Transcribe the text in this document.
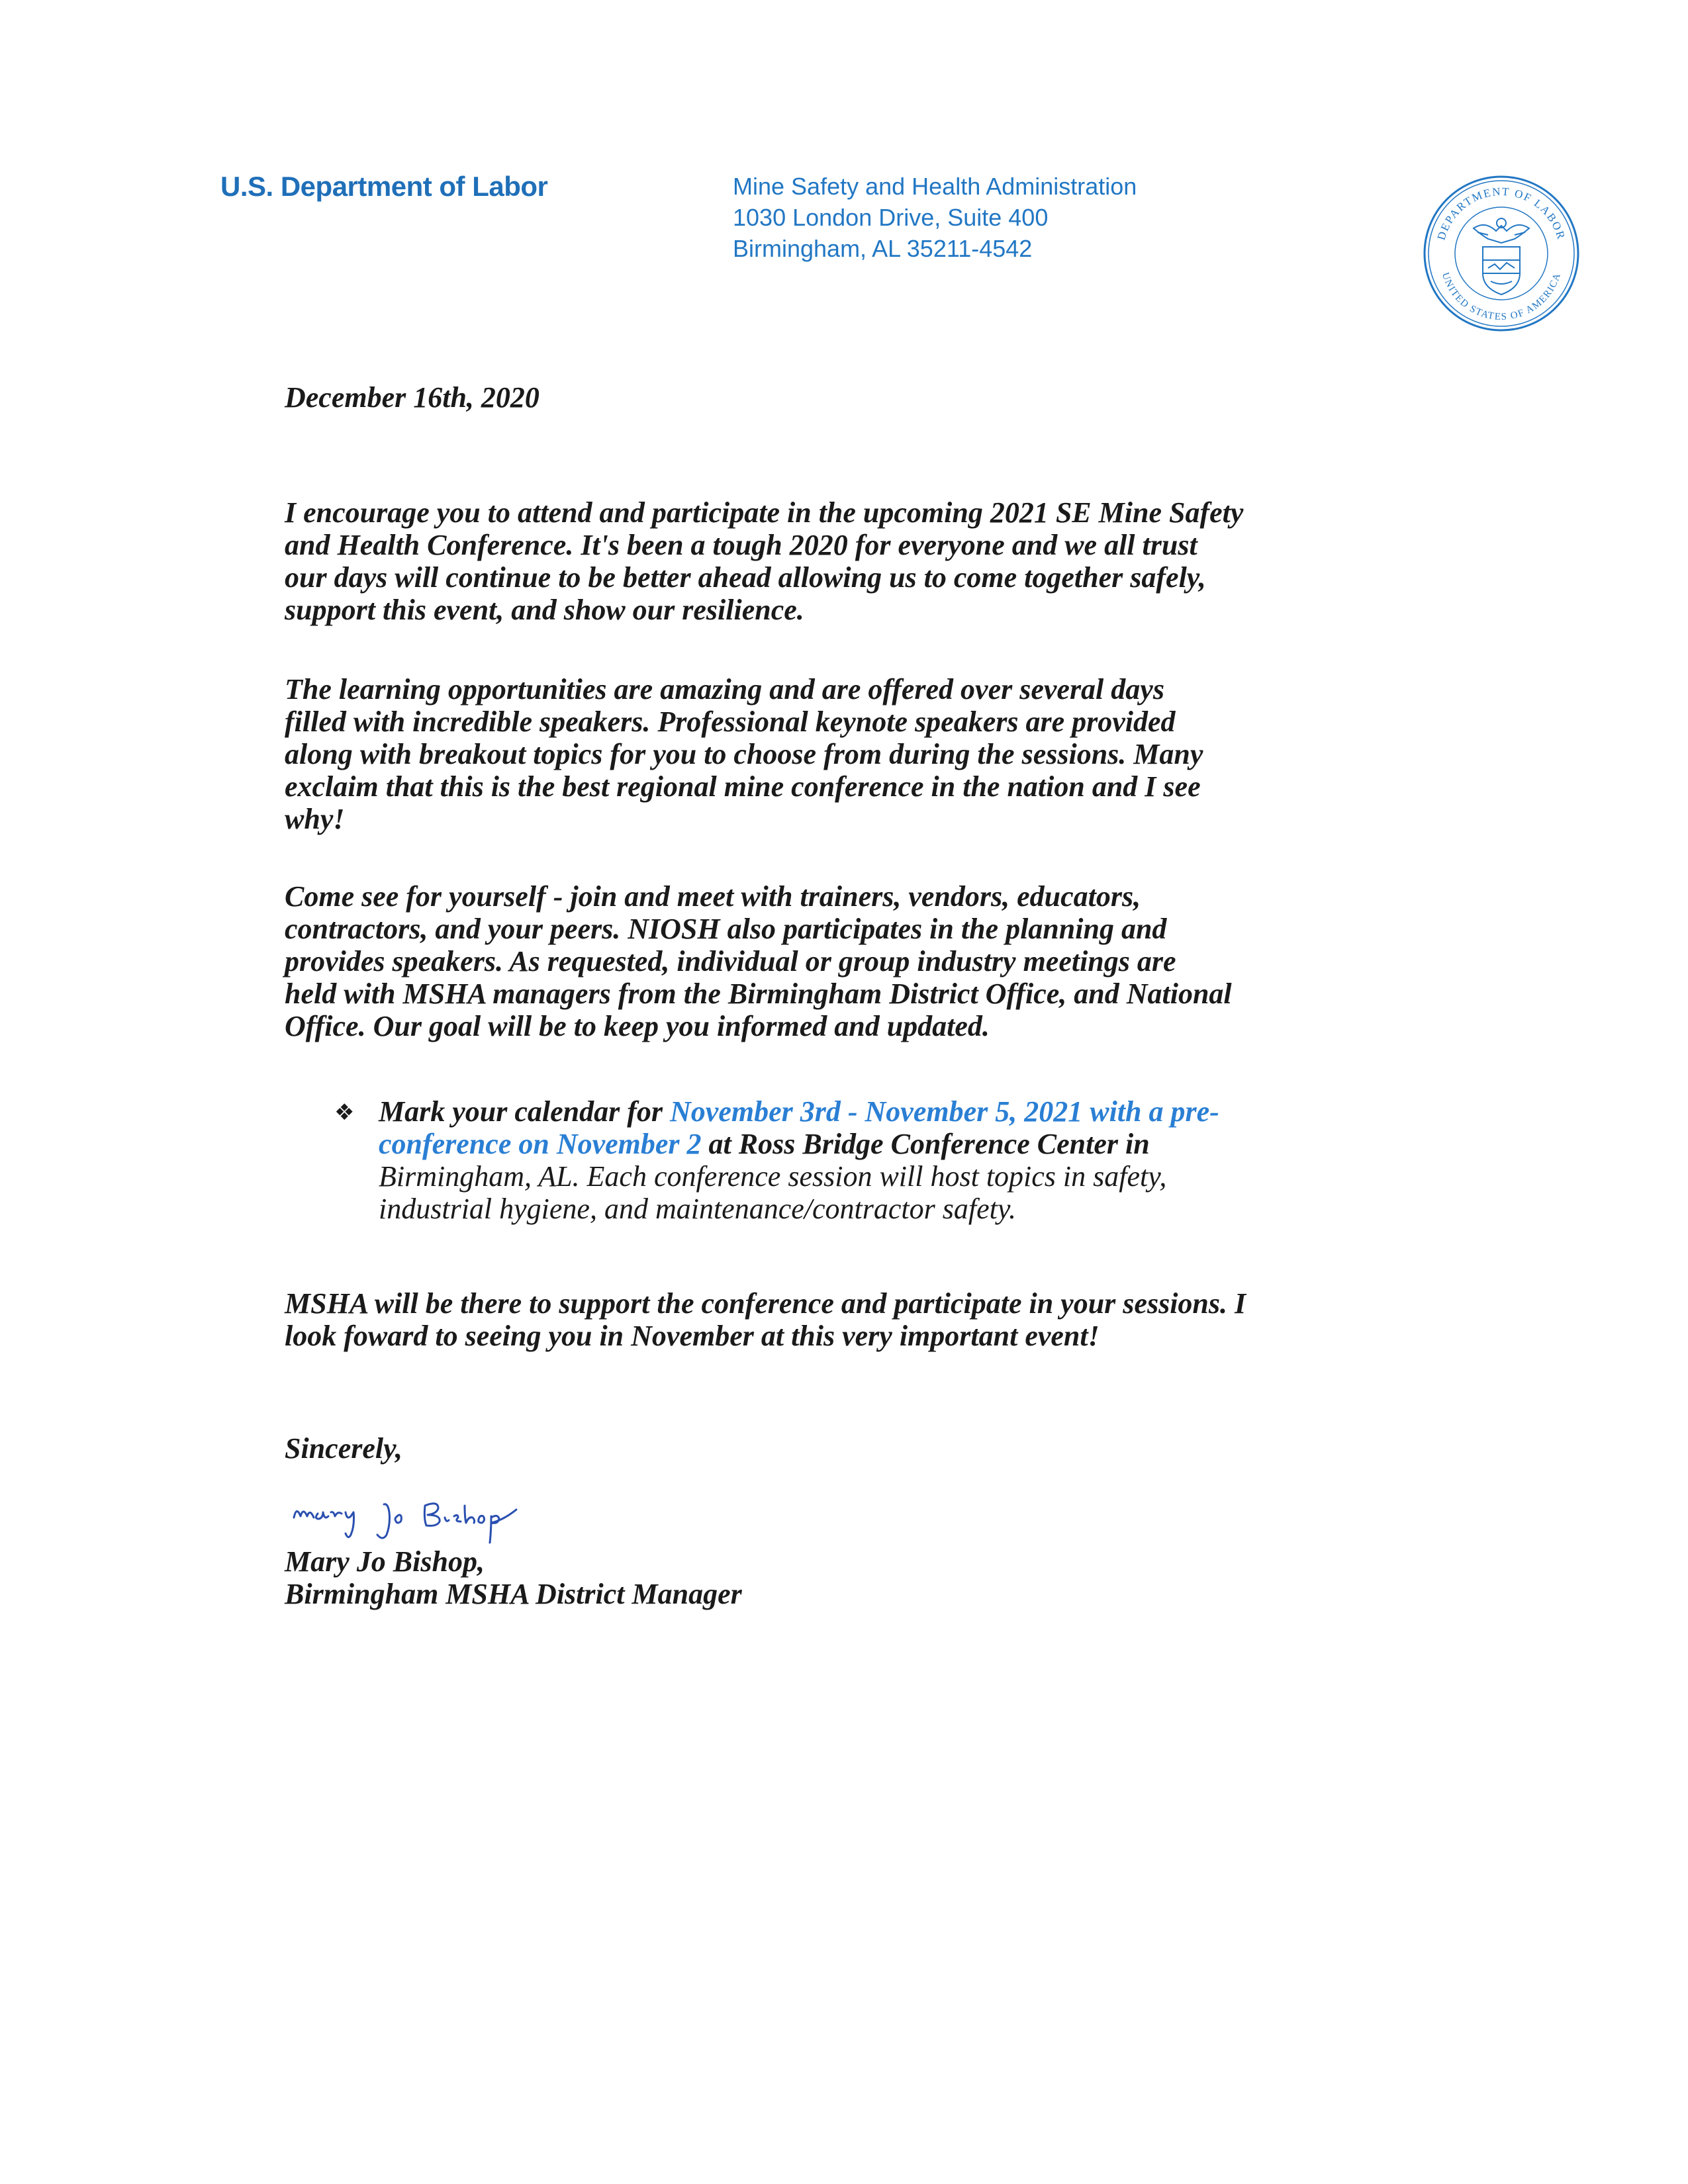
U.S. Department of Labor	Mine Safety and Health Administration
1030 London Drive, Suite 400
Birmingham, AL 35211-4542	DEPARTMENT OF LABOR
UNITED STATES OF AMERICA
December 16th, 2020
I encourage you to attend and participate in the upcoming 2021 SE Mine Safety
and Health Conference. It's been a tough 2020 for everyone and we all trust
our days will continue to be better ahead allowing us to come together safely,
support this event, and show our resilience.
The learning opportunities are amazing and are offered over several days
filled with incredible speakers. Professional keynote speakers are provided
along with breakout topics for you to choose from during the sessions. Many
exclaim that this is the best regional mine conference in the nation and I see
why!
Come see for yourself - join and meet with trainers, vendors, educators,
contractors, and your peers. NIOSH also participates in the planning and
provides speakers. As requested, individual or group industry meetings are
held with MSHA managers from the Birmingham District Office, and National
Office. Our goal will be to keep you informed and updated.
❖ Mark your calendar for November 3rd - November 5, 2021 with a pre-
conference on November 2 at Ross Bridge Conference Center in
Birmingham, AL. Each conference session will host topics in safety,
industrial hygiene, and maintenance/contractor safety.
MSHA will be there to support the conference and participate in your sessions. I
look foward to seeing you in November at this very important event!
Sincerely,
Mary Jo Bishop,
Birmingham MSHA District Manager
